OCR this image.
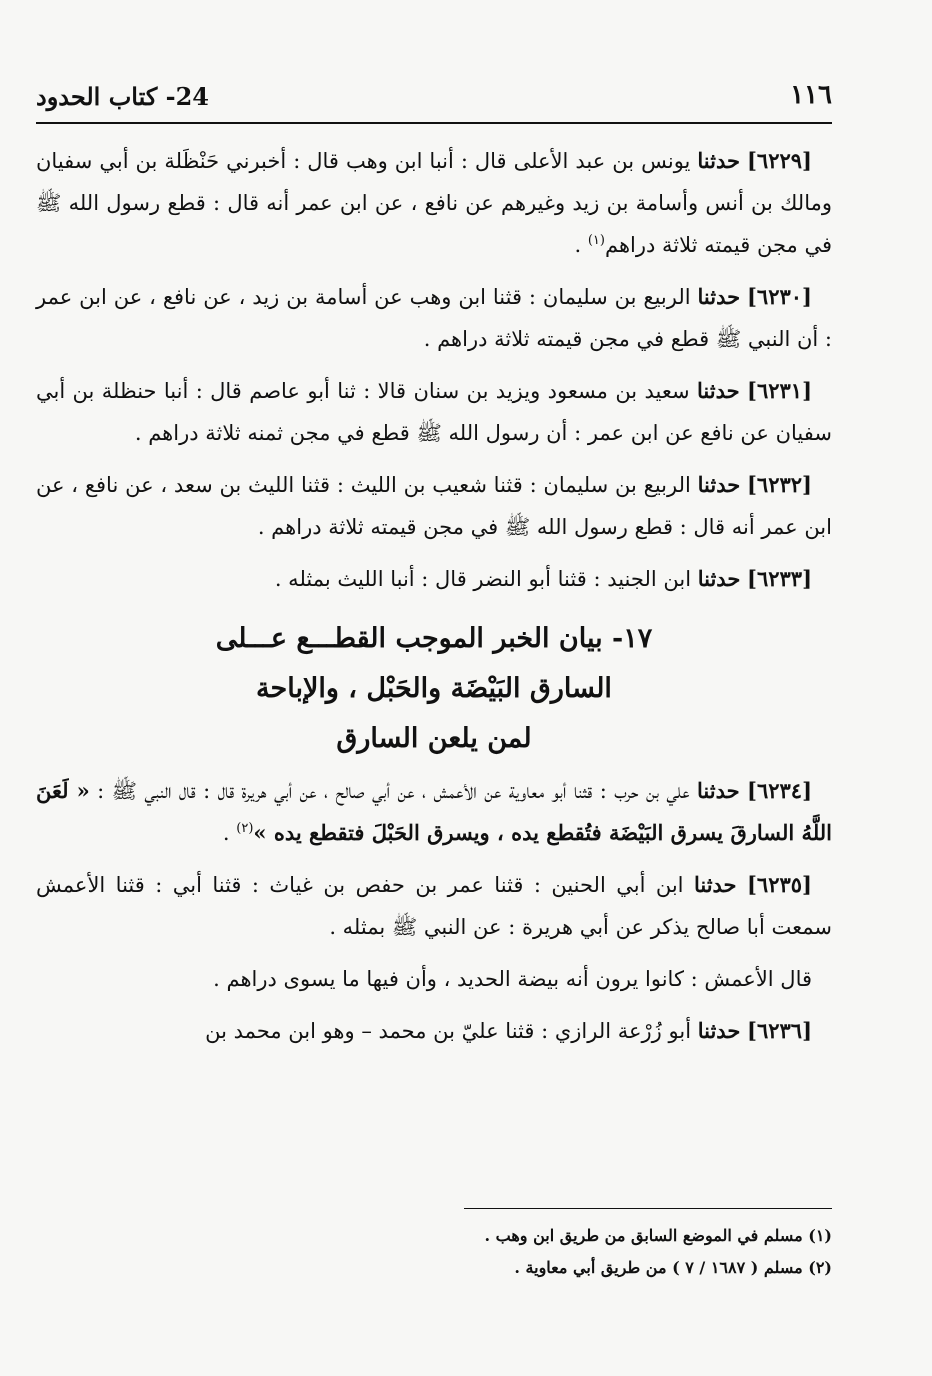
١١٦
24- كتاب الحدود

[٦٢٢٩] حدثنا يونس بن عبد الأعلى قال : أنبا ابن وهب قال : أخبرني حَنْظَلة بن أبي سفيان ومالك بن أنس وأسامة بن زيد وغيرهم عن نافع ، عن ابن عمر أنه قال : قطع رسول الله ﷺ في مجن قيمته ثلاثة دراهم$^{(١)}$ .

[٦٢٣٠] حدثنا الربيع بن سليمان : قثنا ابن وهب عن أسامة بن زيد ، عن نافع ، عن ابن عمر : أن النبي ﷺ قطع في مجن قيمته ثلاثة دراهم .

[٦٢٣١] حدثنا سعيد بن مسعود ويزيد بن سنان قالا : ثنا أبو عاصم قال : أنبا حنظلة بن أبي سفيان عن نافع عن ابن عمر : أن رسول الله ﷺ قطع في مجن ثمنه ثلاثة دراهم .

[٦٢٣٢] حدثنا الربيع بن سليمان : قثنا شعيب بن الليث : قثنا الليث بن سعد ، عن نافع ، عن ابن عمر أنه قال : قطع رسول الله ﷺ في مجن قيمته ثلاثة دراهم .

[٦٢٣٣] حدثنا ابن الجنيد : قثنا أبو النضر قال : أنبا الليث بمثله .

١٧- بيان الخبر الموجب القطـــع عـــلى
السارق البَيْضَة والحَبْل ، والإباحة
لمن يلعن السارق

[٦٢٣٤] حدثنا علي بن حرب : قثنا أبو معاوية عن الأعمش ، عن أبي صالح ، عن أبي هريرة قال : قال النبي ﷺ : « لَعَنَ اللَّهُ السارقَ يسرق البَيْضَة فتُقطع يده ، ويسرق الحَبْلَ فتقطع يده »$^{(٢)}$ .

[٦٢٣٥] حدثنا ابن أبي الحنين : قثنا عمر بن حفص بن غياث : قثنا أبي : قثنا الأعمش سمعت أبا صالح يذكر عن أبي هريرة : عن النبي ﷺ بمثله .

قال الأعمش : كانوا يرون أنه بيضة الحديد ، وأن فيها ما يسوى دراهم .

[٦٢٣٦] حدثنا أبو زُرْعة الرازي : قثنا عليّ بن محمد – وهو ابن محمد بن

(١) مسلم في الموضع السابق من طريق ابن وهب .
(٢) مسلم ( ١٦٨٧ / ٧ ) من طريق أبي معاوية .
